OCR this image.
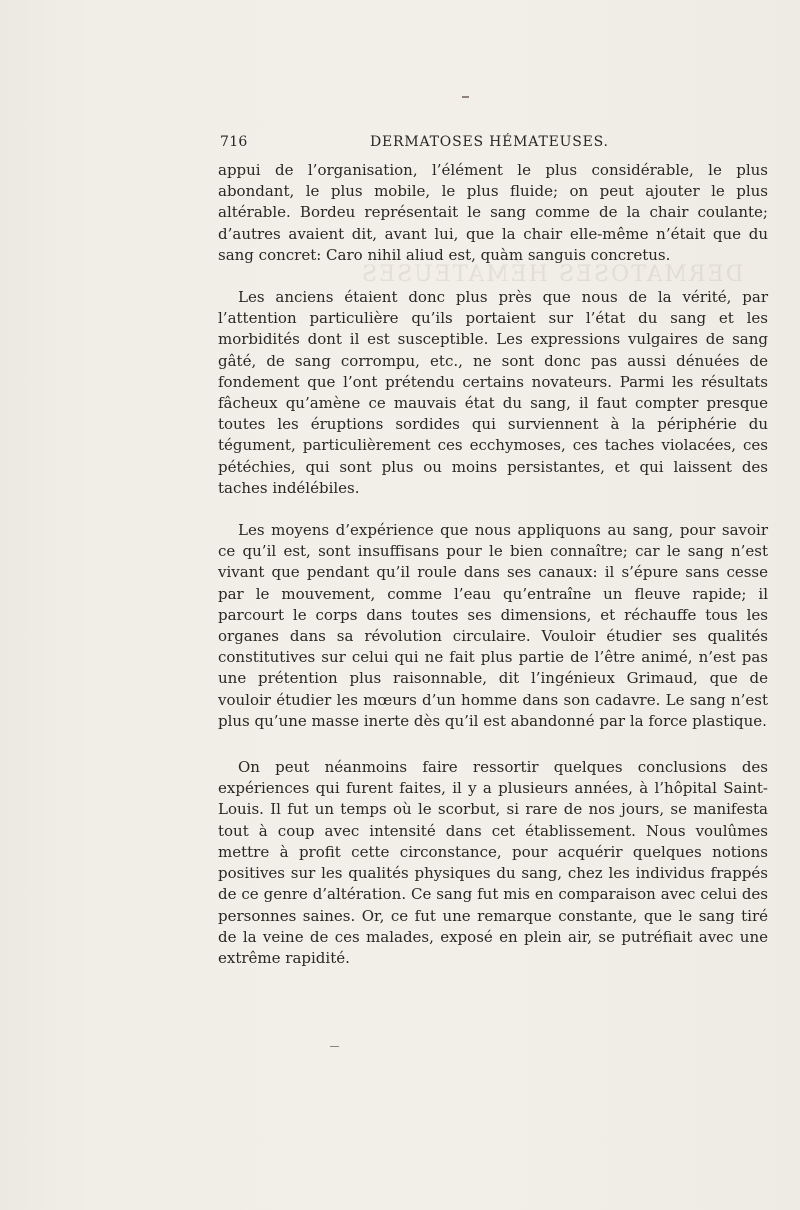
DERMATOSES HÉMATEUSES
716	DERMATOSES HÉMATEUSES.

appui de l’organisation, l’élément le plus considérable, le plus abondant, le plus mobile, le plus fluide; on peut ajouter le plus altérable. Bordeu représentait le sang comme de la chair coulante; d’autres avaient dit, avant lui, que la chair elle-même n’était que du sang concret: Caro nihil aliud est, quàm sanguis concretus.

Les anciens étaient donc plus près que nous de la vérité, par l’attention particulière qu’ils portaient sur l’état du sang et les morbidités dont il est susceptible. Les expressions vulgaires de sang gâté, de sang corrompu, etc., ne sont donc pas aussi dénuées de fondement que l’ont prétendu certains novateurs. Parmi les résultats fâcheux qu’amène ce mauvais état du sang, il faut compter presque toutes les éruptions sordides qui surviennent à la périphérie du tégument, particulièrement ces ecchymoses, ces taches violacées, ces pétéchies, qui sont plus ou moins persistantes, et qui laissent des taches indélébiles.

Les moyens d’expérience que nous appliquons au sang, pour savoir ce qu’il est, sont insuffisans pour le bien connaître; car le sang n’est vivant que pendant qu’il roule dans ses canaux: il s’épure sans cesse par le mouvement, comme l’eau qu’entraîne un fleuve rapide; il parcourt le corps dans toutes ses dimensions, et réchauffe tous les organes dans sa révolution circulaire. Vouloir étudier ses qualités constitutives sur celui qui ne fait plus partie de l’être animé, n’est pas une prétention plus raisonnable, dit l’ingénieux Grimaud, que de vouloir étudier les mœurs d’un homme dans son cadavre. Le sang n’est plus qu’une masse inerte dès qu’il est abandonné par la force plastique.

On peut néanmoins faire ressortir quelques conclusions des expériences qui furent faites, il y a plusieurs années, à l’hôpital Saint-Louis. Il fut un temps où le scorbut, si rare de nos jours, se manifesta tout à coup avec intensité dans cet établissement. Nous voulûmes mettre à profit cette circonstance, pour acquérir quelques notions positives sur les qualités physiques du sang, chez les individus frappés de ce genre d’altération. Ce sang fut mis en comparaison avec celui des personnes saines. Or, ce fut une remarque constante, que le sang tiré de la veine de ces malades, exposé en plein air, se putréfiait avec une extrême rapidité.
